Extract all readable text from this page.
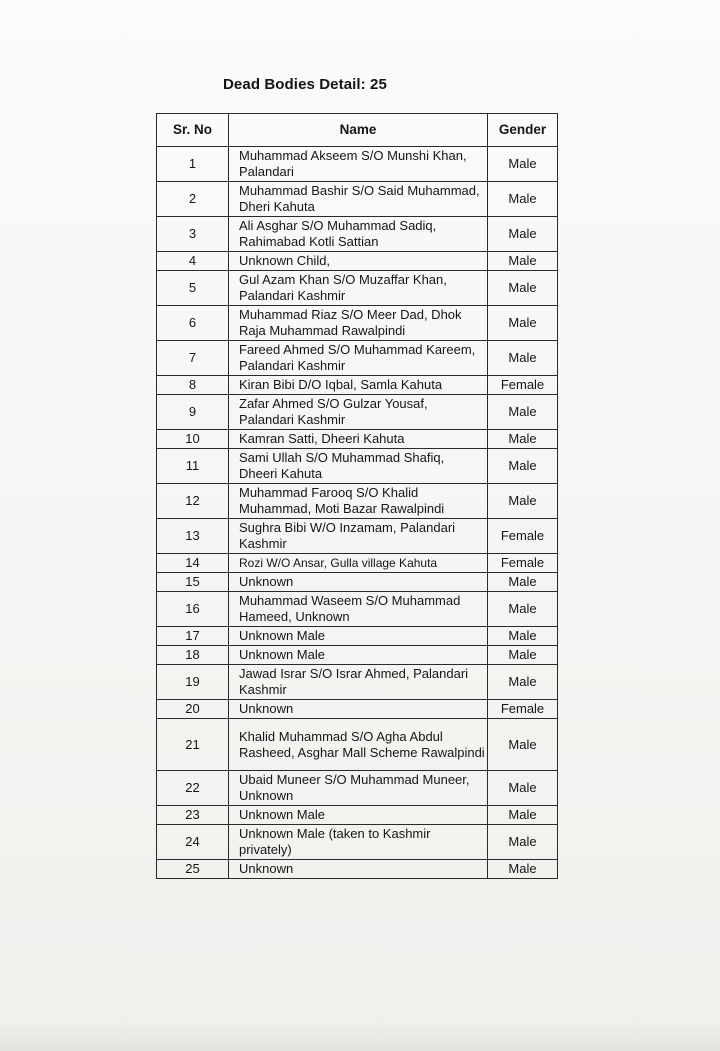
Dead Bodies Detail: 25
Sr. No	Name	Gender
1	Muhammad Akseem S/O Munshi Khan, Palandari	Male
2	Muhammad Bashir S/O Said Muhammad, Dheri Kahuta	Male
3	Ali Asghar S/O Muhammad Sadiq, Rahimabad Kotli Sattian	Male
4	Unknown Child,	Male
5	Gul Azam Khan S/O Muzaffar Khan, Palandari Kashmir	Male
6	Muhammad Riaz S/O Meer Dad, Dhok Raja Muhammad Rawalpindi	Male
7	Fareed Ahmed S/O Muhammad Kareem, Palandari Kashmir	Male
8	Kiran Bibi D/O Iqbal, Samla Kahuta	Female
9	Zafar Ahmed S/O Gulzar Yousaf, Palandari Kashmir	Male
10	Kamran Satti, Dheeri Kahuta	Male
11	Sami Ullah S/O Muhammad Shafiq, Dheeri Kahuta	Male
12	Muhammad Farooq S/O Khalid Muhammad, Moti Bazar Rawalpindi	Male
13	Sughra Bibi W/O Inzamam, Palandari Kashmir	Female
14	Rozi W/O Ansar, Gulla village Kahuta	Female
15	Unknown	Male
16	Muhammad Waseem S/O Muhammad Hameed, Unknown	Male
17	Unknown Male	Male
18	Unknown Male	Male
19	Jawad Israr S/O Israr Ahmed, Palandari Kashmir	Male
20	Unknown	Female
21	Khalid Muhammad S/O Agha Abdul Rasheed, Asghar Mall Scheme Rawalpindi	Male
22	Ubaid Muneer S/O Muhammad Muneer, Unknown	Male
23	Unknown Male	Male
24	Unknown Male (taken to Kashmir privately)	Male
25	Unknown	Male
